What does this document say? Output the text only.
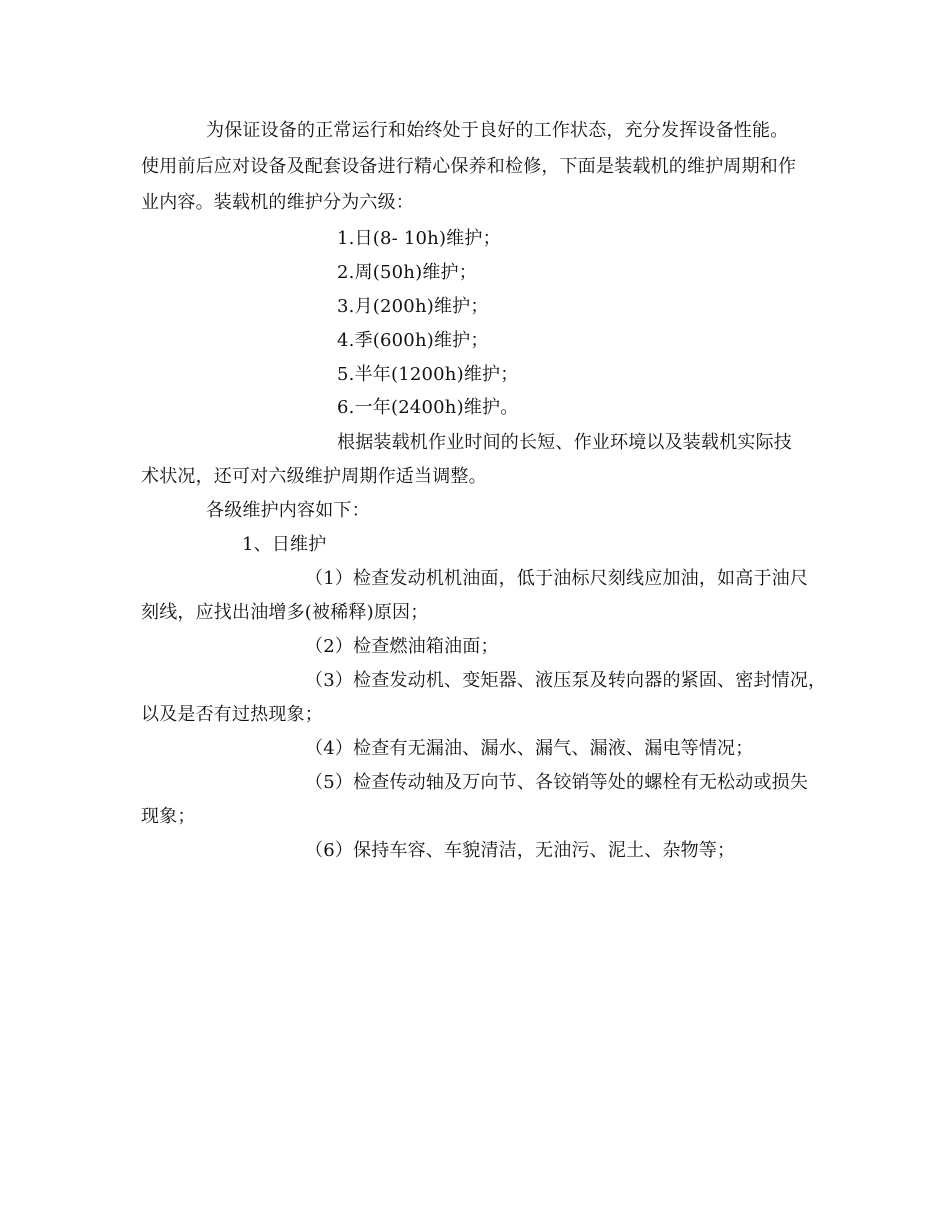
为保证设备的正常运行和始终处于良好的工作状态，充分发挥设备性能。
使用前后应对设备及配套设备进行精心保养和检修，下面是装载机的维护周期和作
业内容。装载机的维护分为六级：
1.日(8- 10h)维护；
2.周(50h)维护；
3.月(200h)维护；
4.季(600h)维护；
5.半年(1200h)维护；
6.一年(2400h)维护。
根据装载机作业时间的长短、作业环境以及装载机实际技
术状况，还可对六级维护周期作适当调整。
各级维护内容如下：
1、日维护
（1）检查发动机机油面，低于油标尺刻线应加油，如高于油尺
刻线，应找出油增多(被稀释)原因；
（2）检查燃油箱油面；
（3）检查发动机、变矩器、液压泵及转向器的紧固、密封情况，
以及是否有过热现象；
（4）检查有无漏油、漏水、漏气、漏液、漏电等情况；
（5）检查传动轴及万向节、各铰销等处的螺栓有无松动或损失
现象；
（6）保持车容、车貌清洁，无油污、泥土、杂物等；
